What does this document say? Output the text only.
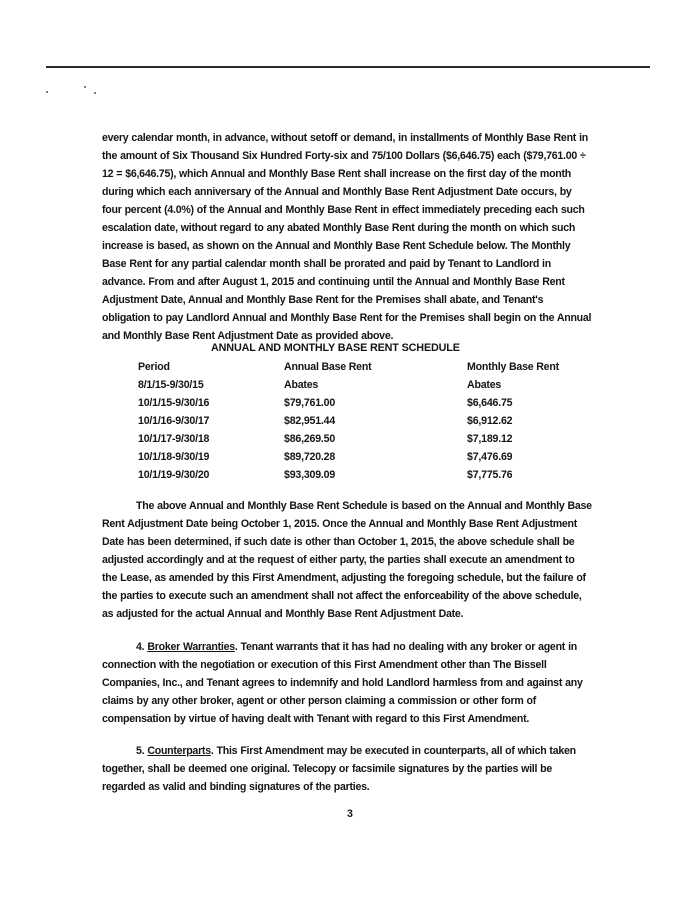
every calendar month, in advance, without setoff or demand, in installments of Monthly Base Rent in the amount of Six Thousand Six Hundred Forty-six and 75/100 Dollars ($6,646.75) each ($79,761.00 ÷ 12 = $6,646.75), which Annual and Monthly Base Rent shall increase on the first day of the month during which each anniversary of the Annual and Monthly Base Rent Adjustment Date occurs, by four percent (4.0%) of the Annual and Monthly Base Rent in effect immediately preceding each such escalation date, without regard to any abated Monthly Base Rent during the month on which such increase is based, as shown on the Annual and Monthly Base Rent Schedule below. The Monthly Base Rent for any partial calendar month shall be prorated and paid by Tenant to Landlord in advance. From and after August 1, 2015 and continuing until the Annual and Monthly Base Rent Adjustment Date, Annual and Monthly Base Rent for the Premises shall abate, and Tenant's obligation to pay Landlord Annual and Monthly Base Rent for the Premises shall begin on the Annual and Monthly Base Rent Adjustment Date as provided above.

ANNUAL AND MONTHLY BASE RENT SCHEDULE
Period	Annual Base Rent	Monthly Base Rent
8/1/15-9/30/15	Abates	Abates
10/1/15-9/30/16	$79,761.00	$6,646.75
10/1/16-9/30/17	$82,951.44	$6,912.62
10/1/17-9/30/18	$86,269.50	$7,189.12
10/1/18-9/30/19	$89,720.28	$7,476.69
10/1/19-9/30/20	$93,309.09	$7,775.76

The above Annual and Monthly Base Rent Schedule is based on the Annual and Monthly Base Rent Adjustment Date being October 1, 2015. Once the Annual and Monthly Base Rent Adjustment Date has been determined, if such date is other than October 1, 2015, the above schedule shall be adjusted accordingly and at the request of either party, the parties shall execute an amendment to the Lease, as amended by this First Amendment, adjusting the foregoing schedule, but the failure of the parties to execute such an amendment shall not affect the enforceability of the above schedule, as adjusted for the actual Annual and Monthly Base Rent Adjustment Date.

4. Broker Warranties. Tenant warrants that it has had no dealing with any broker or agent in connection with the negotiation or execution of this First Amendment other than The Bissell Companies, Inc., and Tenant agrees to indemnify and hold Landlord harmless from and against any claims by any other broker, agent or other person claiming a commission or other form of compensation by virtue of having dealt with Tenant with regard to this First Amendment.

5. Counterparts. This First Amendment may be executed in counterparts, all of which taken together, shall be deemed one original. Telecopy or facsimile signatures by the parties will be regarded as valid and binding signatures of the parties.

3
